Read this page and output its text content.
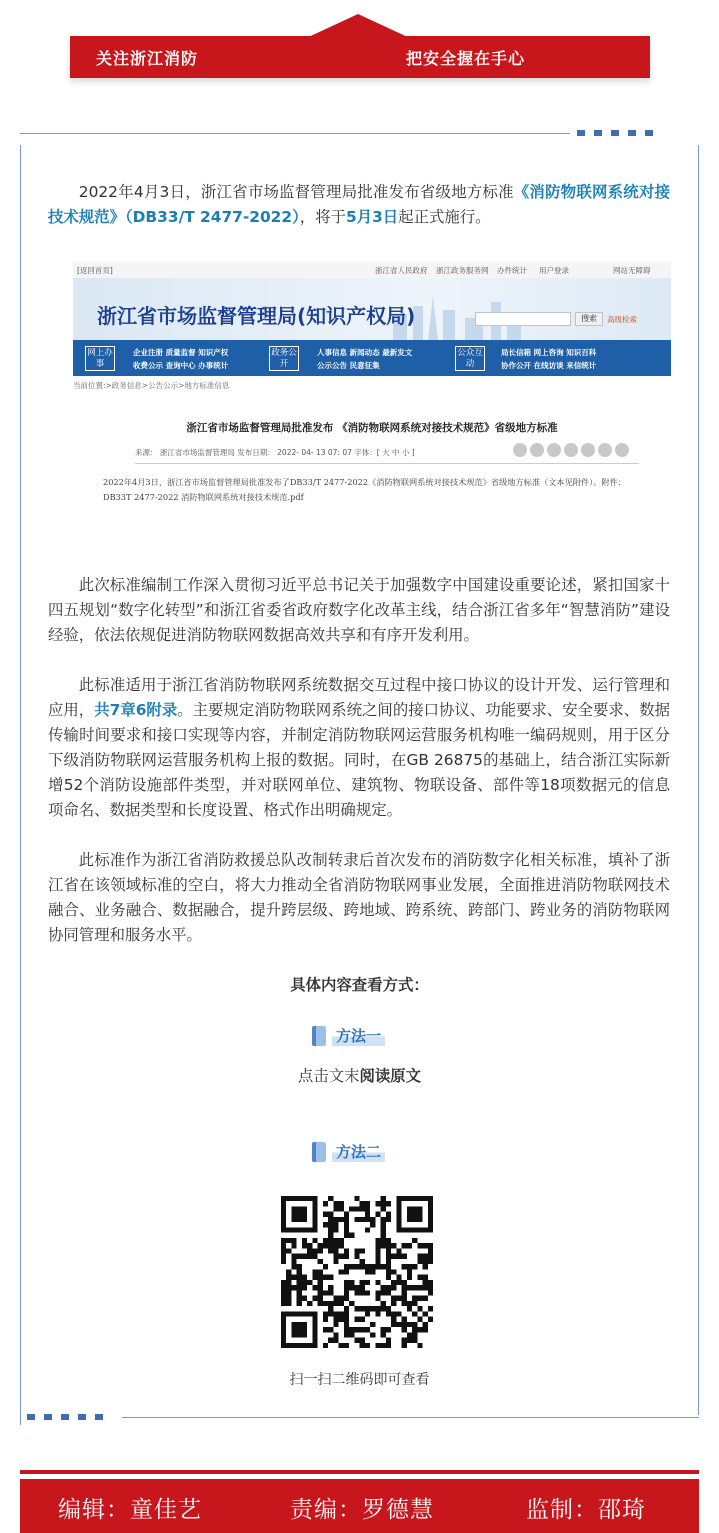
关注浙江消防	把安全握在手心
2022年4月3日，浙江省市场监督管理局批准发布省级地方标准《消防物联网系统对接技术规范》（DB33/T 2477-2022），将于5月3日起正式施行。
[返回首页]	浙江省人民政府 浙江政务服务网 办件统计 用户登录	网站无障碍
浙江省市场监督管理局(知识产权局)	搜索	高级检索
网上办事
企业注册 质量监督 知识产权
收费公示 查询中心 办事统计
政务公开
人事信息 新闻动态 最新发文
公示公告 民意征集
公众互动
局长信箱 网上咨询 知识百科
协作公开 在线访谈 来信统计
当前位置:>政务信息>公告公示>地方标准信息
浙江省市场监督管理局批准发布 《消防物联网系统对接技术规范》省级地方标准
来源： 浙江省市场监督管理局 发布日期： 2022- 04- 13 07: 07 字体：[ 大 中 小 ]
2022年4月3日，浙江省市场监督管理局批准发布了DB33/T 2477-2022《消防物联网系统对接技术规范》省级地方标准（文本见附件）。附件：DB33T 2477-2022 消防物联网系统对接技术规范.pdf
此次标准编制工作深入贯彻习近平总书记关于加强数字中国建设重要论述，紧扣国家十四五规划“数字化转型”和浙江省委省政府数字化改革主线，结合浙江省多年“智慧消防”建设经验，依法依规促进消防物联网数据高效共享和有序开发利用。
此标准适用于浙江省消防物联网系统数据交互过程中接口协议的设计开发、运行管理和应用，共7章6附录。主要规定消防物联网系统之间的接口协议、功能要求、安全要求、数据传输时间要求和接口实现等内容，并制定消防物联网运营服务机构唯一编码规则，用于区分下级消防物联网运营服务机构上报的数据。同时，在GB 26875的基础上，结合浙江实际新增52个消防设施部件类型，并对联网单位、建筑物、物联设备、部件等18项数据元的信息项命名、数据类型和长度设置、格式作出明确规定。
此标准作为浙江省消防救援总队改制转隶后首次发布的消防数字化相关标准，填补了浙江省在该领域标准的空白，将大力推动全省消防物联网事业发展，全面推进消防物联网技术融合、业务融合、数据融合，提升跨层级、跨地域、跨系统、跨部门、跨业务的消防物联网协同管理和服务水平。
具体内容查看方式：
方法一
点击文末阅读原文
方法二
扫一扫二维码即可查看
编辑：童佳艺	责编：罗德慧	监制：邵琦
